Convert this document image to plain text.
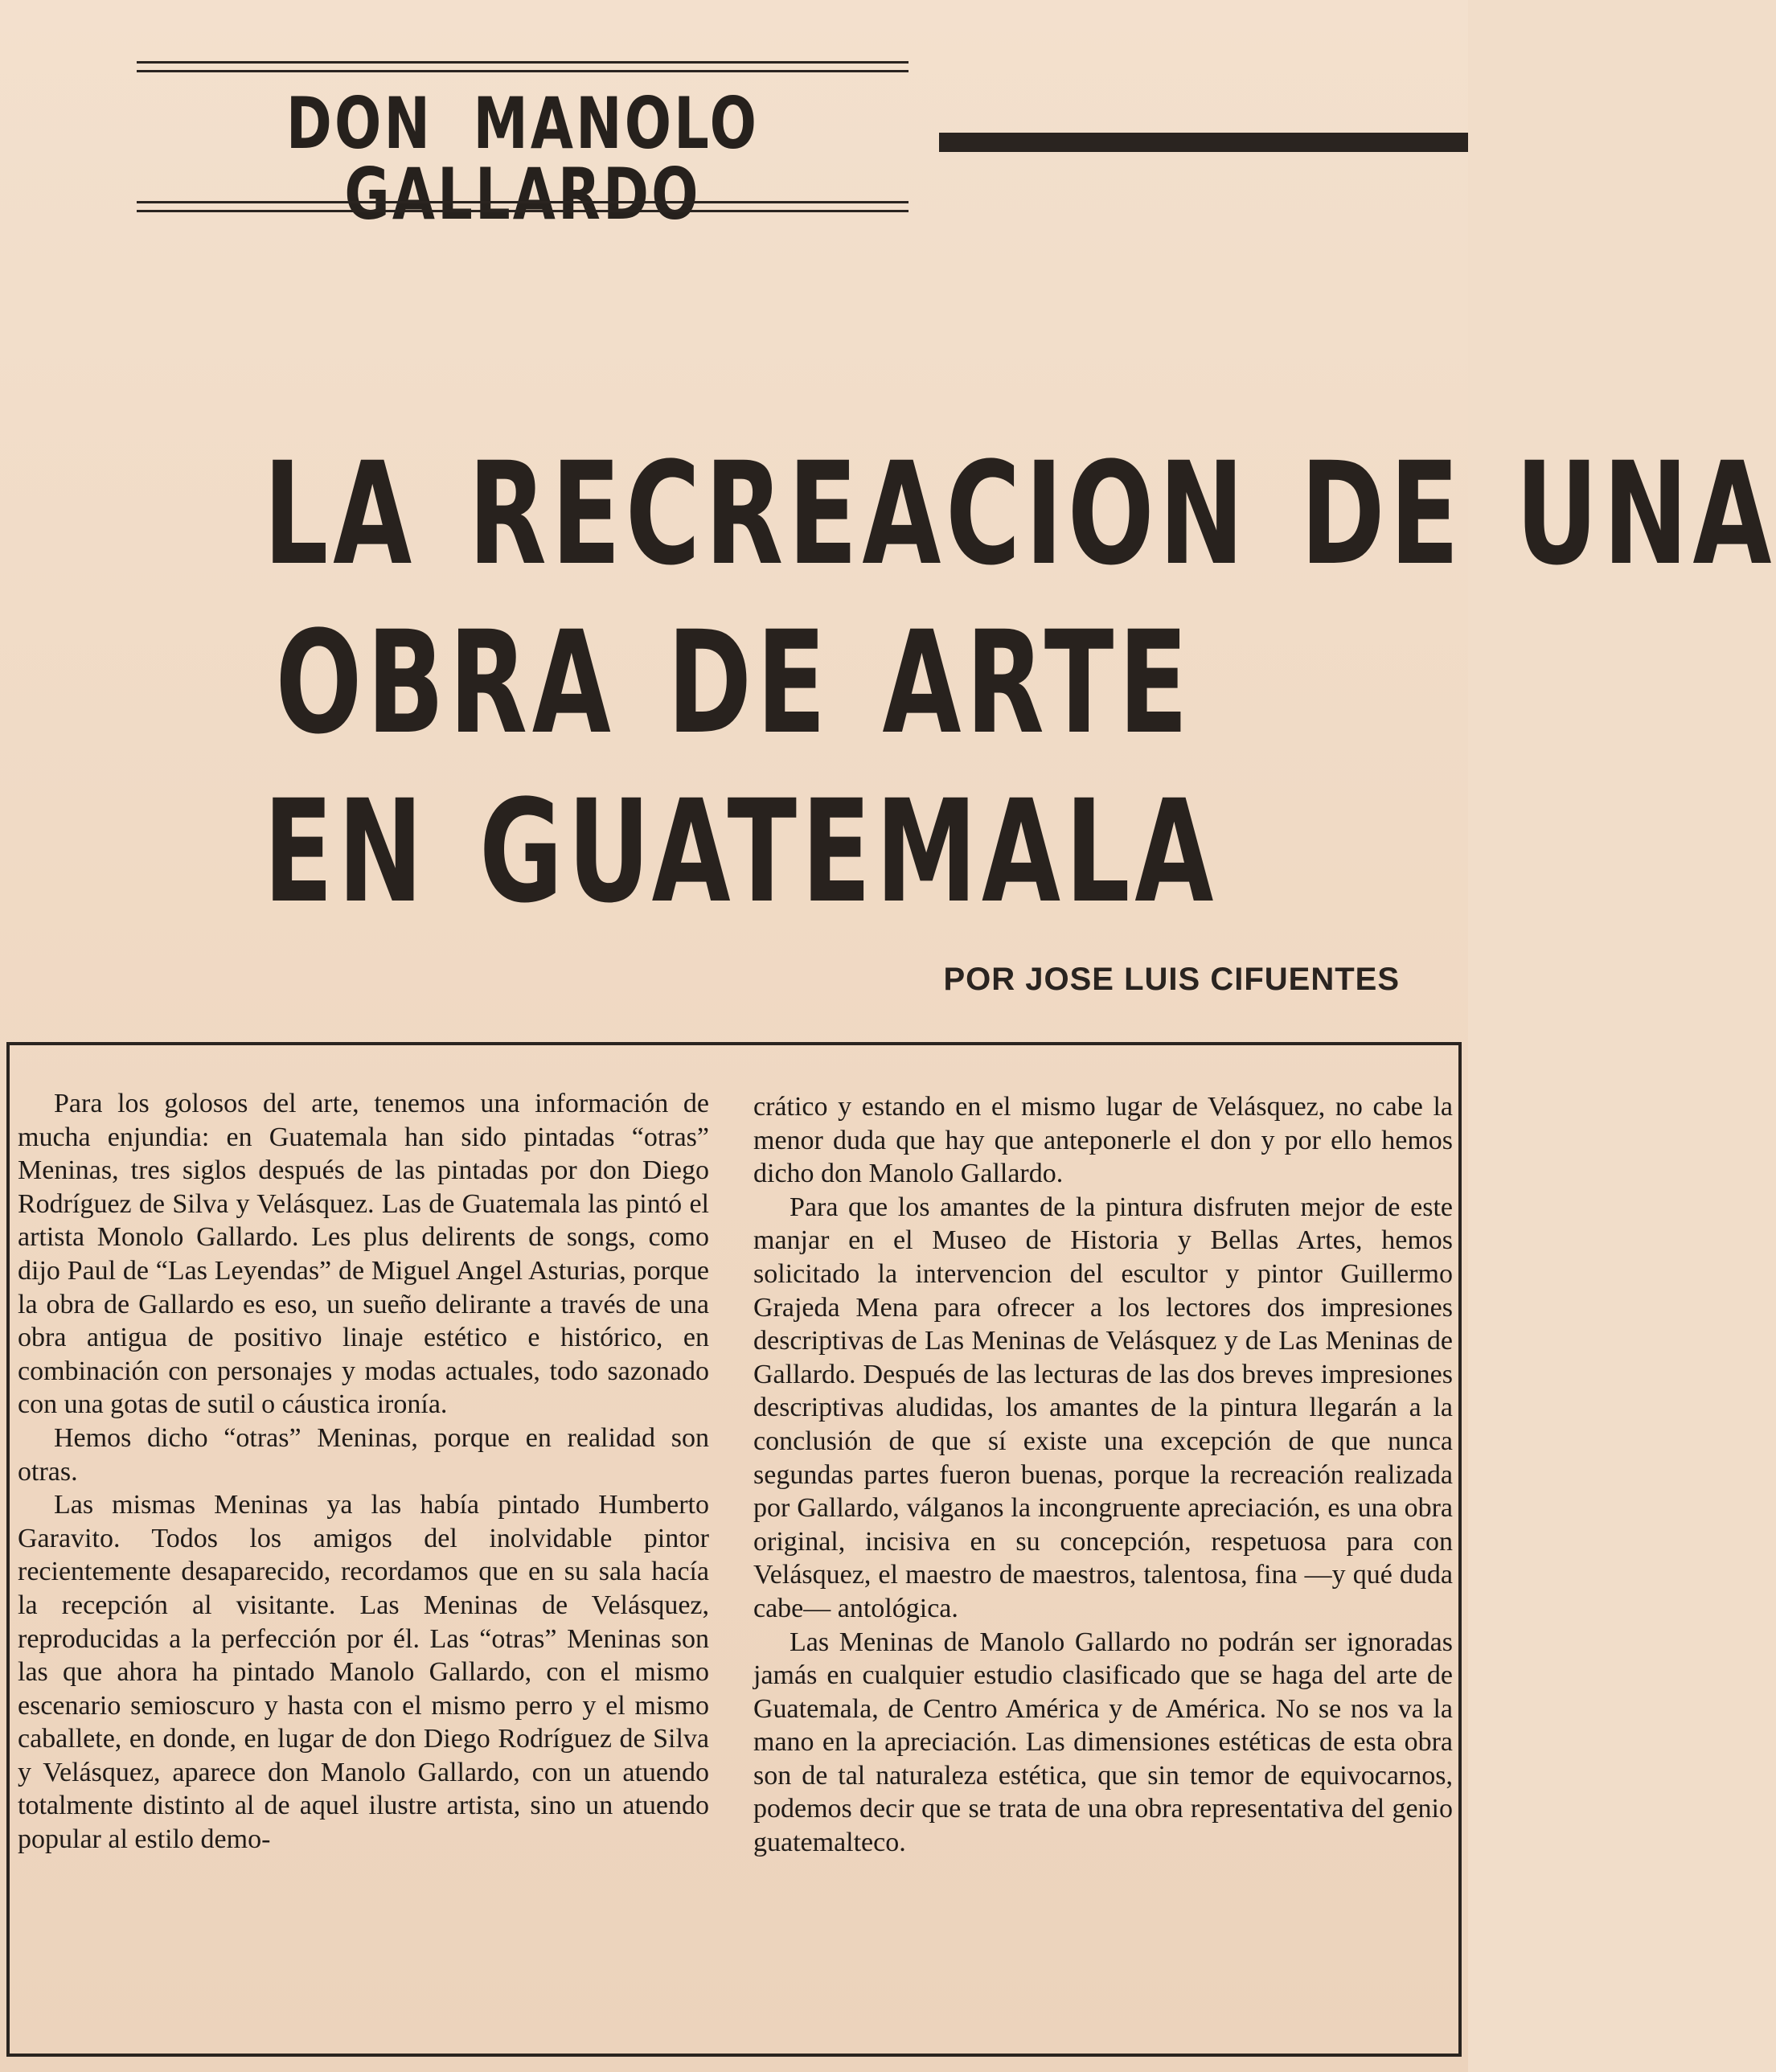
DON MANOLO GALLARDO
LA RECREACION DE UNA
OBRA DE ARTE
EN GUATEMALA
POR JOSE LUIS CIFUENTES

Para los golosos del arte, tenemos una información de mucha enjundia: en Guatemala han sido pintadas “otras” Meninas, tres siglos después de las pintadas por don Diego Rodríguez de Silva y Velásquez. Las de Guatemala las pintó el artista Monolo Gallardo. Les plus delirents de songs, como dijo Paul de “Las Leyendas” de Miguel Angel Asturias, porque la obra de Gallardo es eso, un sueño delirante a través de una obra antigua de positivo linaje estético e histórico, en combinación con personajes y modas actuales, todo sazonado con una gotas de sutil o cáustica ironía.

Hemos dicho “otras” Meninas, porque en realidad son otras.

Las mismas Meninas ya las había pintado Humberto Garavito. Todos los amigos del inolvidable pintor recientemente desaparecido, recordamos que en su sala hacía la recepción al visitante. Las Meninas de Velásquez, reproducidas a la perfección por él. Las “otras” Meninas son las que ahora ha pintado Manolo Gallardo, con el mismo escenario semioscuro y hasta con el mismo perro y el mismo caballete, en donde, en lugar de don Diego Rodríguez de Silva y Velásquez, aparece don Manolo Gallardo, con un atuendo totalmente distinto al de aquel ilustre artista, sino un atuendo popular al estilo demo-

crático y estando en el mismo lugar de Velásquez, no cabe la menor duda que hay que anteponerle el don y por ello hemos dicho don Manolo Gallardo.

Para que los amantes de la pintura disfruten mejor de este manjar en el Museo de Historia y Bellas Artes, hemos solicitado la intervencion del escultor y pintor Guillermo Grajeda Mena para ofrecer a los lectores dos impresiones descriptivas de Las Meninas de Velásquez y de Las Meninas de Gallardo. Después de las lecturas de las dos breves impresiones descriptivas aludidas, los amantes de la pintura llegarán a la conclusión de que sí existe una excepción de que nunca segundas partes fueron buenas, porque la recreación realizada por Gallardo, válganos la incongruente apreciación, es una obra original, incisiva en su concepción, respetuosa para con Velásquez, el maestro de maestros, talentosa, fina —y qué duda cabe— antológica.

Las Meninas de Manolo Gallardo no podrán ser ignoradas jamás en cualquier estudio clasificado que se haga del arte de Guatemala, de Centro América y de América. No se nos va la mano en la apreciación. Las dimensiones estéticas de esta obra son de tal naturaleza estética, que sin temor de equivocarnos, podemos decir que se trata de una obra representativa del genio guatemalteco.
